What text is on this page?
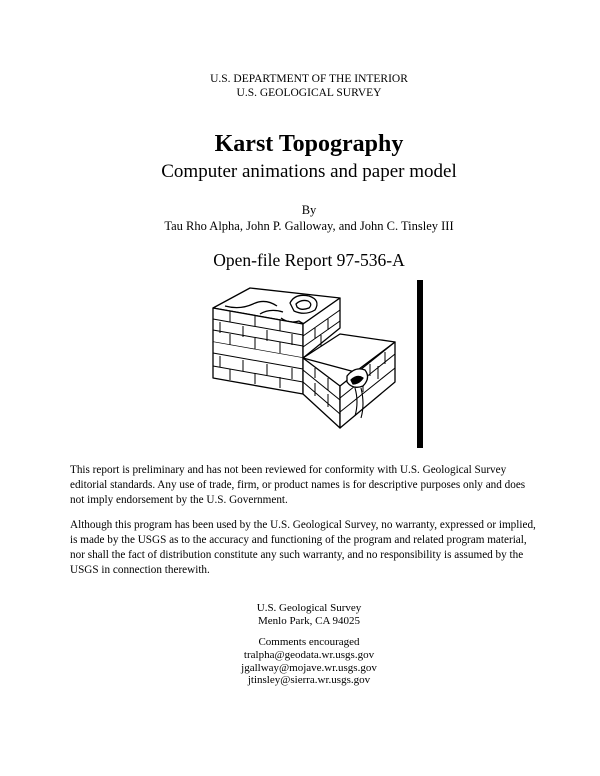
U.S. DEPARTMENT OF THE INTERIOR
U.S. GEOLOGICAL SURVEY
Karst Topography
Computer animations and paper model
By
Tau Rho Alpha, John P. Galloway, and John C. Tinsley III
Open-file Report 97-536-A

This report is preliminary and has not been reviewed for conformity with U.S. Geological Survey editorial standards. Any use of trade, firm, or product names is for descriptive purposes only and does not imply endorsement by the U.S. Government.

Although this program has been used by the U.S. Geological Survey, no warranty, expressed or implied, is made by the USGS as to the accuracy and functioning of the program and related program material, nor shall the fact of distribution constitute any such warranty, and no responsibility is assumed by the USGS in connection therewith.

U.S. Geological Survey
Menlo Park, CA 94025
Comments encouraged
tralpha@geodata.wr.usgs.gov
jgallway@mojave.wr.usgs.gov
jtinsley@sierra.wr.usgs.gov
